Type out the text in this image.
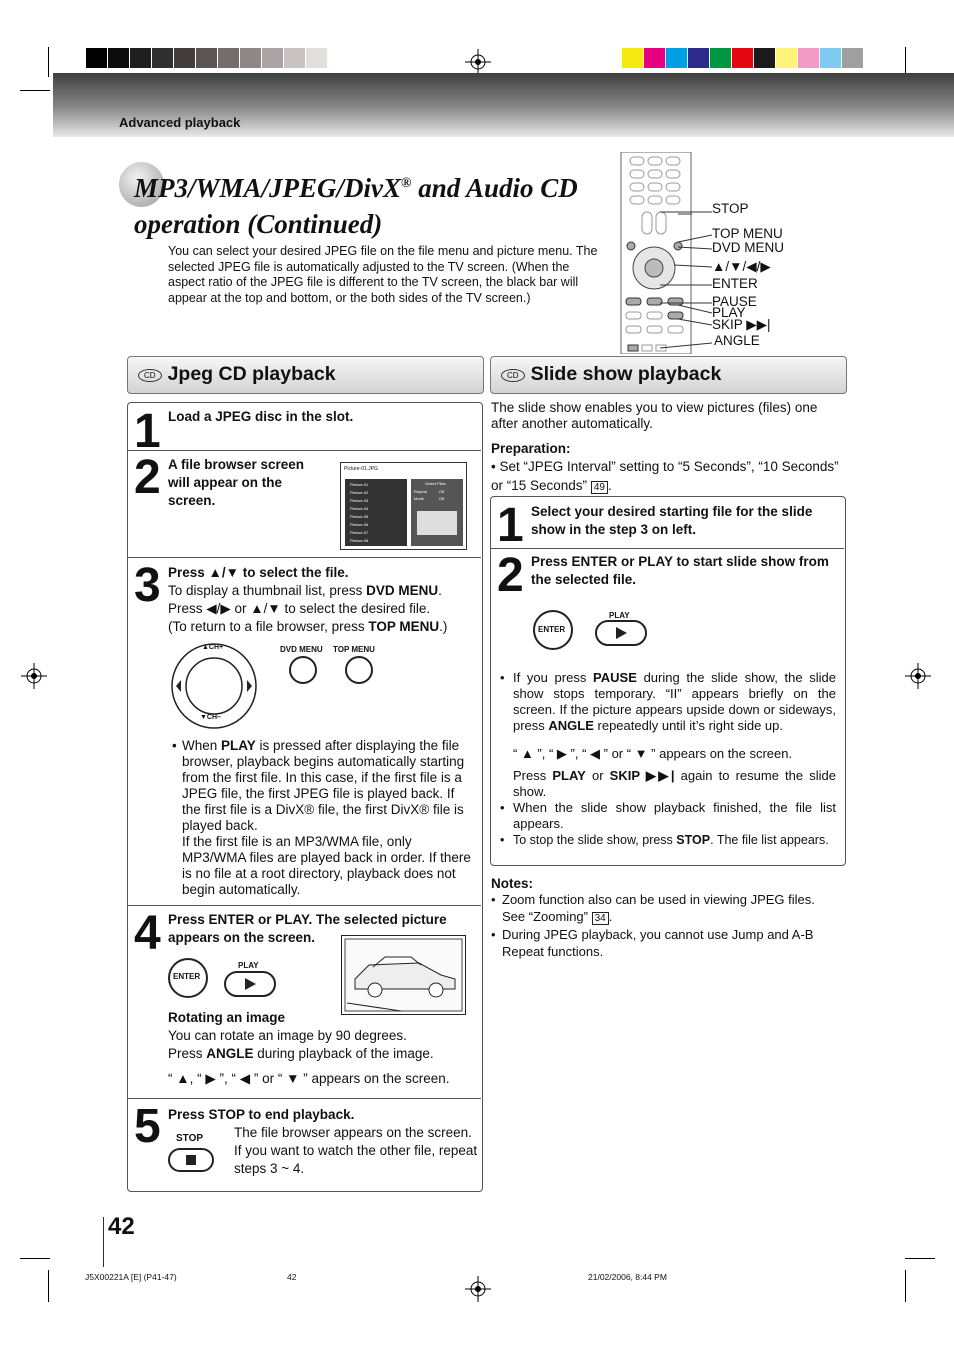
Advanced playback
MP3/WMA/JPEG/DivX® and Audio CD
operation (Continued)
You can select your desired JPEG file on the file menu and picture menu. The selected JPEG file is automatically adjusted to the TV screen. (When the aspect ratio of the JPEG file is different to the TV screen, the black bar will appear at the top and bottom, or the both sides of the TV screen.)
STOP
TOP MENU
DVD MENU
▲/▼/◀/▶
ENTER
PAUSE
PLAY
SKIP ▶▶|
ANGLE
CD Jpeg CD playback
1 Load a JPEG disc in the slot.
2 A file browser screen will appear on the screen.
Picture-01.JPG
Picture-01
Picture-02
Picture-03
Picture-04
Picture-05
Picture-06
Picture-07
Picture-08
Select Files
Repeat	Off
Mode	Off
3 Press ▲/▼ to select the file.
To display a thumbnail list, press DVD MENU.
Press ◀/▶ or ▲/▼ to select the desired file.
(To return to a file browser, press TOP MENU.)
▲CH+
▼CH–
DVD MENU TOP MENU
• When PLAY is pressed after displaying the file browser, playback begins automatically starting from the first file. In this case, if the first file is a JPEG file, the first JPEG file is played back. If the first file is a DivX® file, the first DivX® file is played back.
If the first file is an MP3/WMA file, only MP3/WMA files are played back in order. If there is no file at a root directory, playback does not begin automatically.
4 Press ENTER or PLAY. The selected picture appears on the screen.
ENTER
PLAY
Rotating an image
You can rotate an image by 90 degrees.
Press ANGLE during playback of the image.
“ ▲, “ ▶ ”, “ ◀ ” or “ ▼ ” appears on the screen.
5 Press STOP to end playback.
STOP The file browser appears on the screen. If you want to watch the other file, repeat steps 3 ~ 4.
CD Slide show playback
The slide show enables you to view pictures (files) one after another automatically.
Preparation:
• Set “JPEG Interval” setting to “5 Seconds”, “10 Seconds” or “15 Seconds” 49 .
1 Select your desired starting file for the slide show in the step 3 on left.
2 Press ENTER or PLAY to start slide show from the selected file.
ENTER
PLAY
• If you press PAUSE during the slide show, the slide show stops temporary. “II” appears briefly on the screen. If the picture appears upside down or sideways, press ANGLE repeatedly until it’s right side up.
“ ▲ ”, “ ▶ ”, “ ◀ ” or “ ▼ ” appears on the screen.
Press PLAY or SKIP ▶▶| again to resume the slide show.
• When the slide show playback finished, the file list appears.
• To stop the slide show, press STOP. The file list appears.
Notes:
• Zoom function also can be used in viewing JPEG files. See “Zooming” 34 .
• During JPEG playback, you cannot use Jump and A-B Repeat functions.
42
J5X00221A [E] (P41-47)	42	21/02/2006, 8:44 PM
